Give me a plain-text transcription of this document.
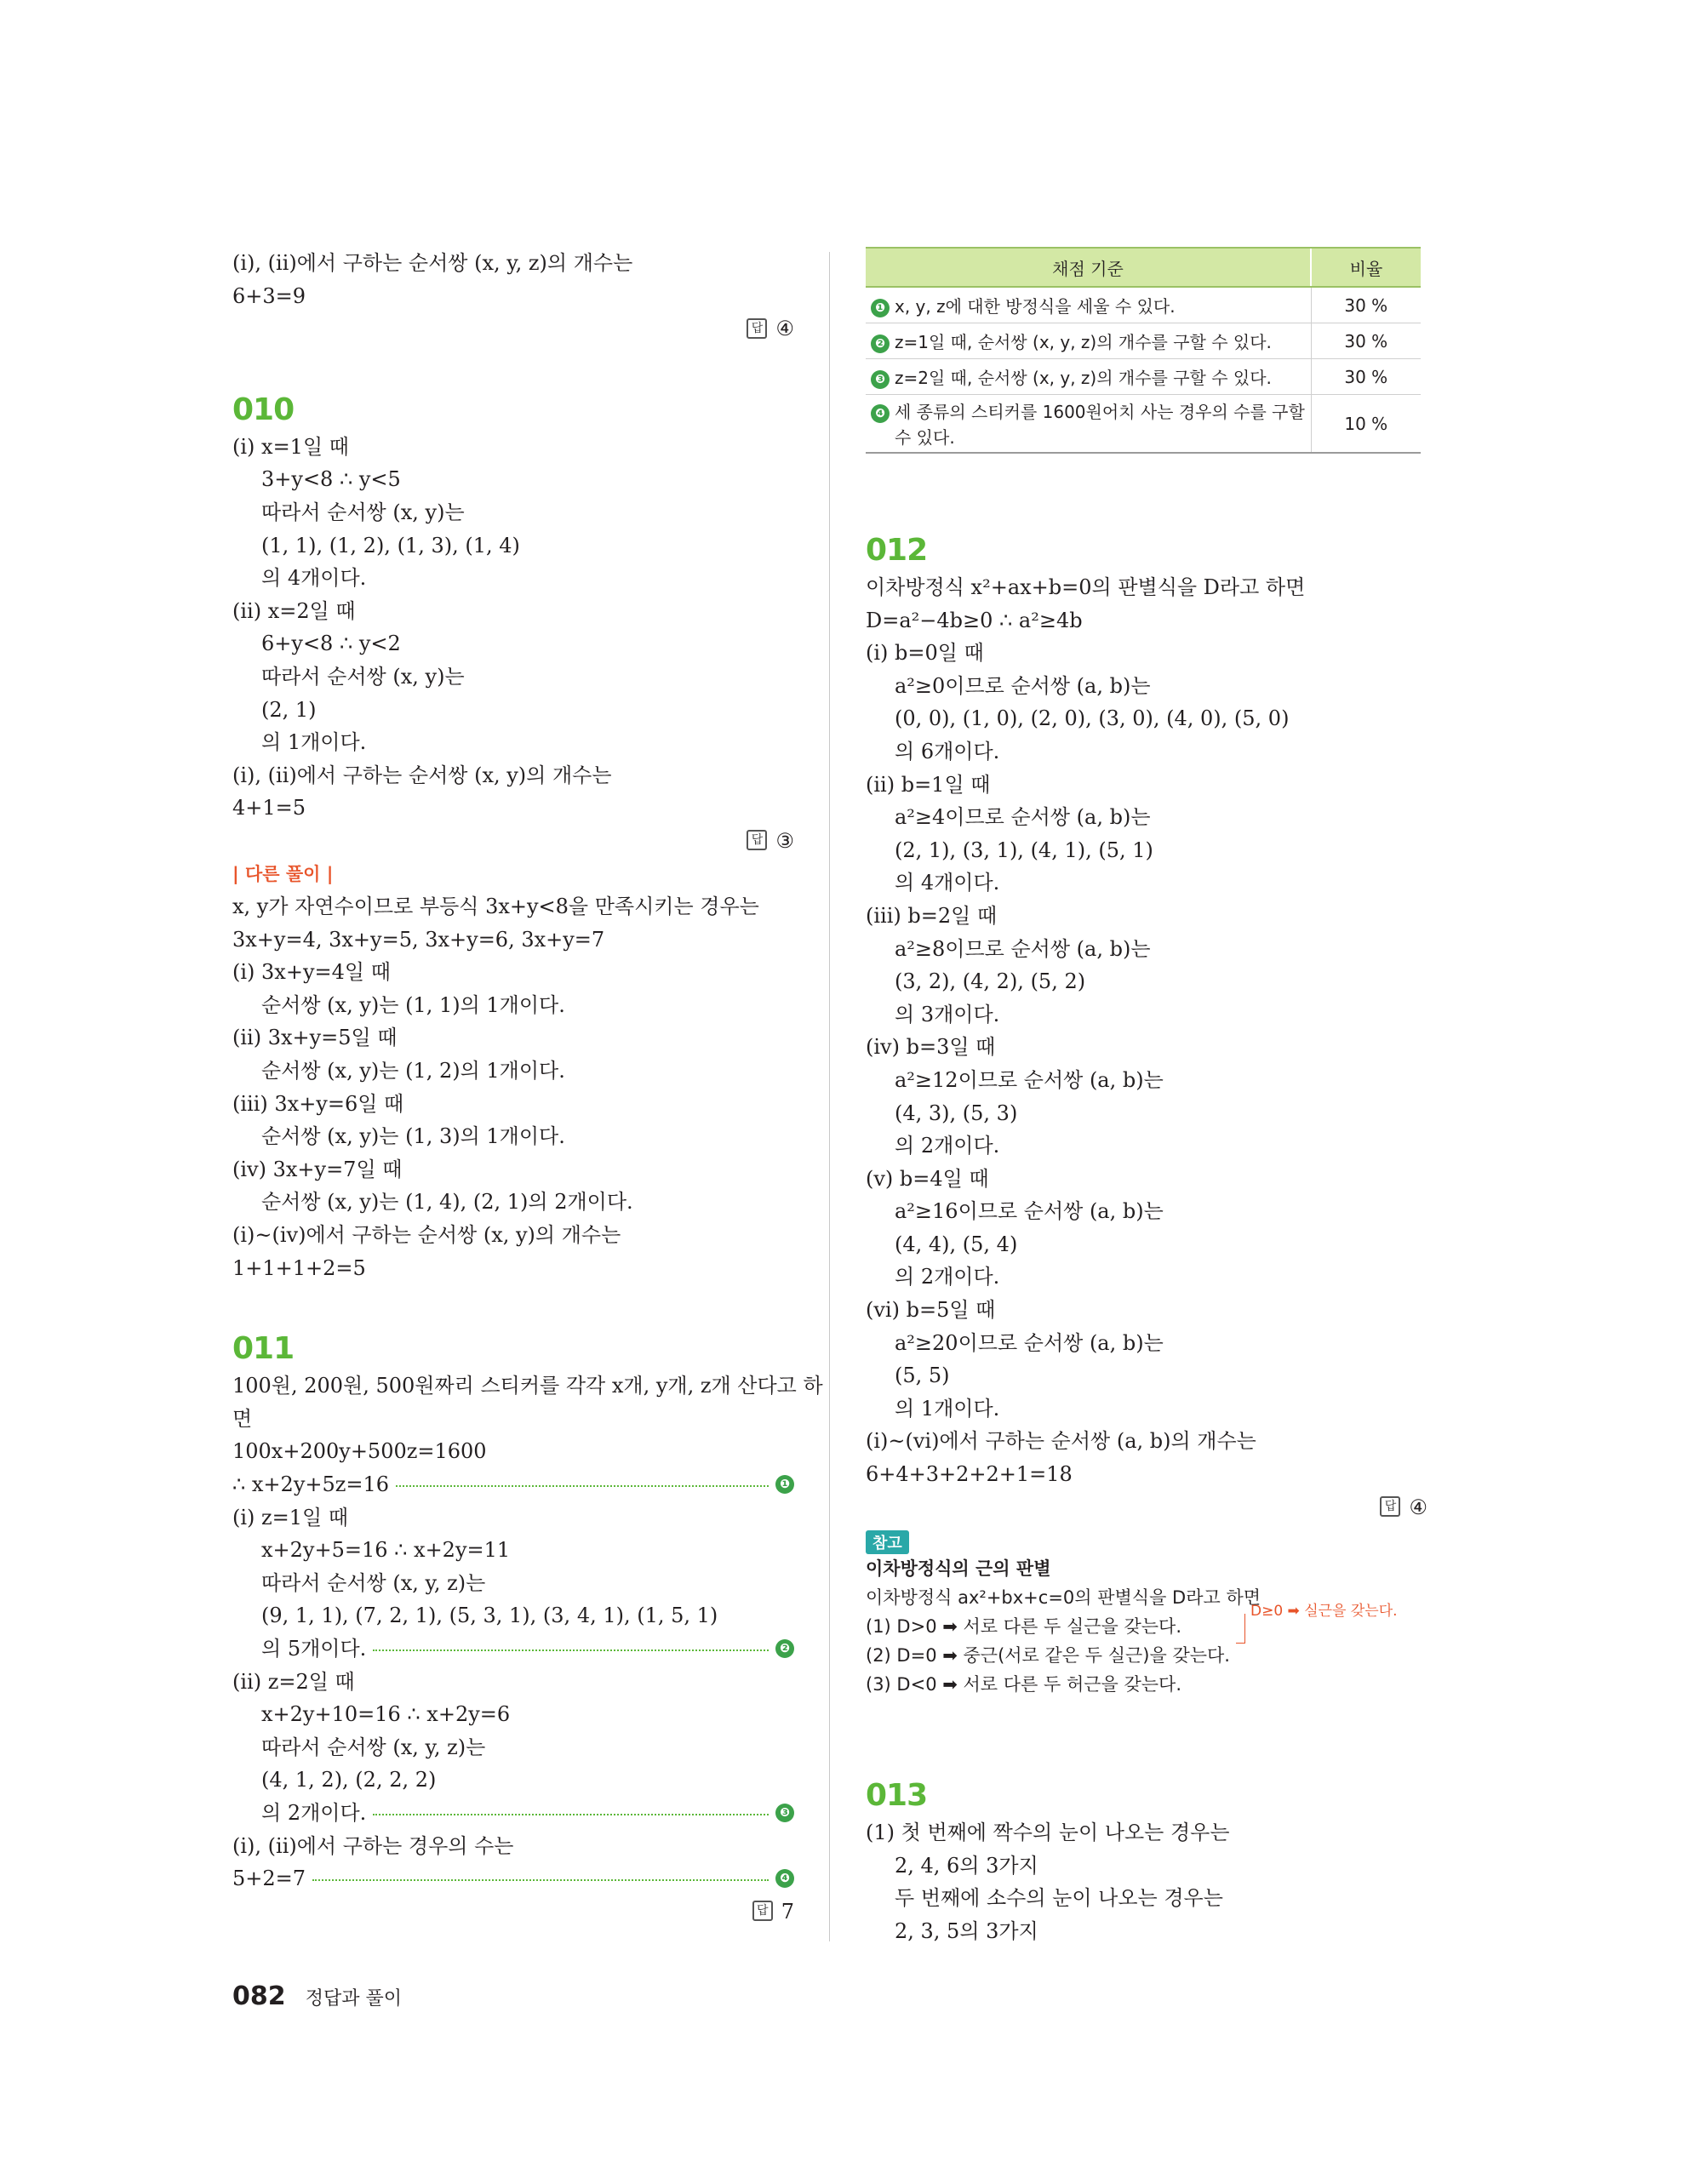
(ⅰ), (ⅱ)에서 구하는 순서쌍 (x, y, z)의 개수는
6+3=9
답 ④
010
(ⅰ) x=1일 때
3+y<8 ∴ y<5
따라서 순서쌍 (x, y)는
(1, 1), (1, 2), (1, 3), (1, 4)
의 4개이다.
(ⅱ) x=2일 때
6+y<8 ∴ y<2
따라서 순서쌍 (x, y)는
(2, 1)
의 1개이다.
(ⅰ), (ⅱ)에서 구하는 순서쌍 (x, y)의 개수는
4+1=5
답 ③
| 다른 풀이 |
x, y가 자연수이므로 부등식 3x+y<8을 만족시키는 경우는
3x+y=4, 3x+y=5, 3x+y=6, 3x+y=7
(ⅰ) 3x+y=4일 때
순서쌍 (x, y)는 (1, 1)의 1개이다.
(ⅱ) 3x+y=5일 때
순서쌍 (x, y)는 (1, 2)의 1개이다.
(ⅲ) 3x+y=6일 때
순서쌍 (x, y)는 (1, 3)의 1개이다.
(ⅳ) 3x+y=7일 때
순서쌍 (x, y)는 (1, 4), (2, 1)의 2개이다.
(ⅰ)~(ⅳ)에서 구하는 순서쌍 (x, y)의 개수는
1+1+1+2=5
011
100원, 200원, 500원짜리 스티커를 각각 x개, y개, z개 산다고 하
면
100x+200y+500z=1600
∴ x+2y+5z=16	❶
(ⅰ) z=1일 때
x+2y+5=16 ∴ x+2y=11
따라서 순서쌍 (x, y, z)는
(9, 1, 1), (7, 2, 1), (5, 3, 1), (3, 4, 1), (1, 5, 1)
의 5개이다.	❷
(ⅱ) z=2일 때
x+2y+10=16 ∴ x+2y=6
따라서 순서쌍 (x, y, z)는
(4, 1, 2), (2, 2, 2)
의 2개이다.	❸
(ⅰ), (ⅱ)에서 구하는 경우의 수는
5+2=7	❹
답 7
채점 기준	비율

❶ x, y, z에 대한 방정식을 세울 수 있다.	30 %

❷ z=1일 때, 순서쌍 (x, y, z)의 개수를 구할 수 있다.	30 %

❸ z=2일 때, 순서쌍 (x, y, z)의 개수를 구할 수 있다.	30 %

❹ 세 종류의 스티커를 1600원어치 사는 경우의 수를 구할
수 있다.	10 %
012
이차방정식 x²+ax+b=0의 판별식을 D라고 하면
D=a²−4b≥0 ∴ a²≥4b
(ⅰ) b=0일 때
a²≥0이므로 순서쌍 (a, b)는
(0, 0), (1, 0), (2, 0), (3, 0), (4, 0), (5, 0)
의 6개이다.
(ⅱ) b=1일 때
a²≥4이므로 순서쌍 (a, b)는
(2, 1), (3, 1), (4, 1), (5, 1)
의 4개이다.
(ⅲ) b=2일 때
a²≥8이므로 순서쌍 (a, b)는
(3, 2), (4, 2), (5, 2)
의 3개이다.
(ⅳ) b=3일 때
a²≥12이므로 순서쌍 (a, b)는
(4, 3), (5, 3)
의 2개이다.
(ⅴ) b=4일 때
a²≥16이므로 순서쌍 (a, b)는
(4, 4), (5, 4)
의 2개이다.
(ⅵ) b=5일 때
a²≥20이므로 순서쌍 (a, b)는
(5, 5)
의 1개이다.
(ⅰ)~(ⅵ)에서 구하는 순서쌍 (a, b)의 개수는
6+4+3+2+2+1=18
답 ④
참고
이차방정식의 근의 판별
이차방정식 ax²+bx+c=0의 판별식을 D라고 하면
(1) D>0 ➡ 서로 다른 두 실근을 갖는다.
(2) D=0 ➡ 중근(서로 같은 두 실근)을 갖는다.
(3) D<0 ➡ 서로 다른 두 허근을 갖는다.
D≥0 ➡ 실근을 갖는다.
013
(1) 첫 번째에 짝수의 눈이 나오는 경우는
2, 4, 6의 3가지
두 번째에 소수의 눈이 나오는 경우는
2, 3, 5의 3가지
082 정답과 풀이
